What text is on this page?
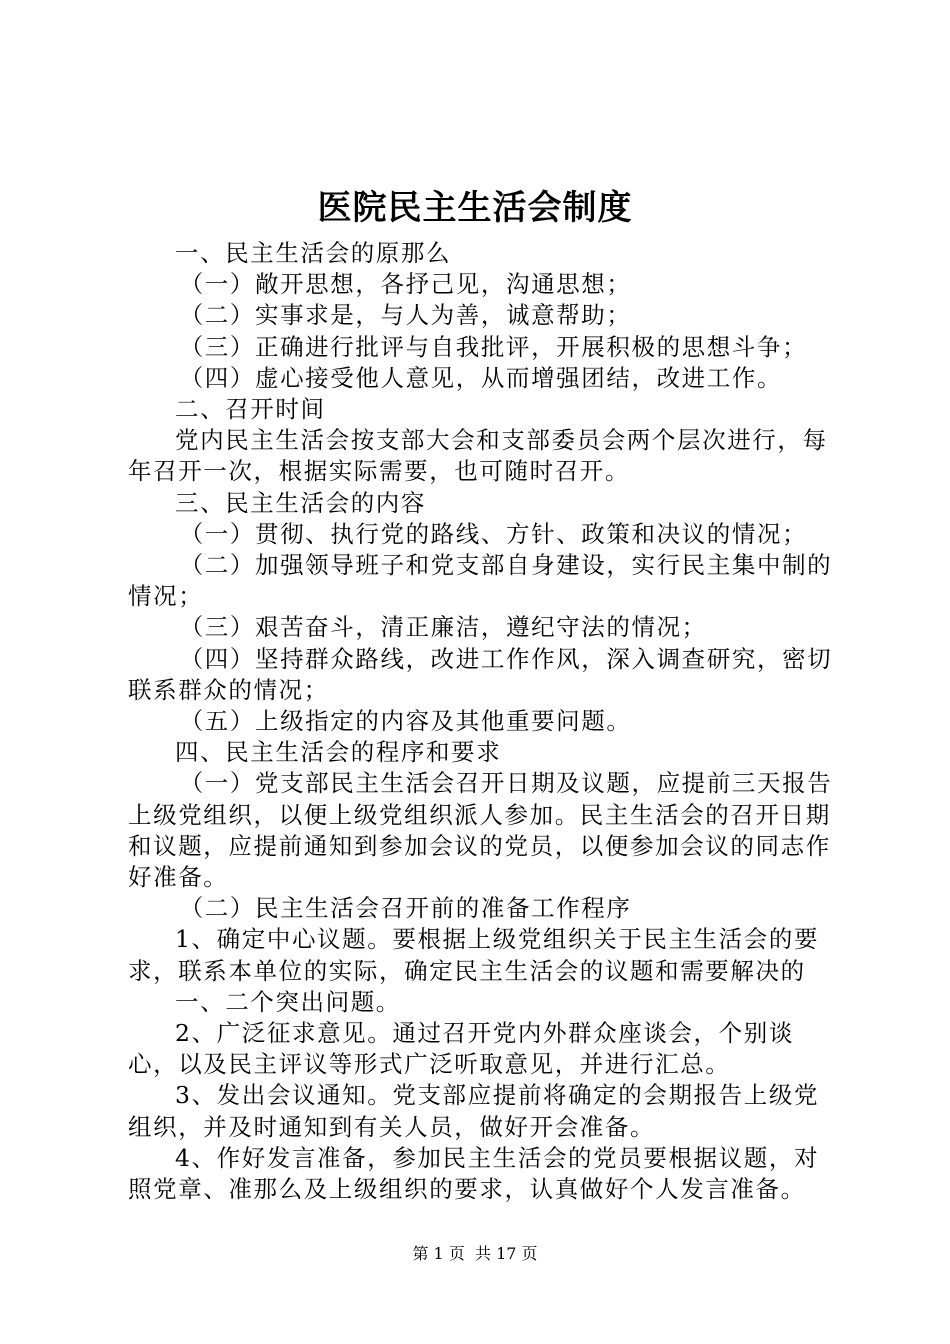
医院民主生活会制度

一、民主生活会的原那么

（一）敞开思想，各抒己见，沟通思想；

（二）实事求是，与人为善，诚意帮助；

（三）正确进行批评与自我批评，开展积极的思想斗争；

（四）虚心接受他人意见，从而增强团结，改进工作。

二、召开时间

党内民主生活会按支部大会和支部委员会两个层次进行，每年召开一次，根据实际需要，也可随时召开。

三、民主生活会的内容

（一）贯彻、执行党的路线、方针、政策和决议的情况；

（二）加强领导班子和党支部自身建设，实行民主集中制的情况；

（三）艰苦奋斗，清正廉洁，遵纪守法的情况；

（四）坚持群众路线，改进工作作风，深入调查研究，密切联系群众的情况；

（五）上级指定的内容及其他重要问题。

四、民主生活会的程序和要求

（一）党支部民主生活会召开日期及议题，应提前三天报告上级党组织，以便上级党组织派人参加。民主生活会的召开日期和议题，应提前通知到参加会议的党员，以便参加会议的同志作好准备。

（二）民主生活会召开前的准备工作程序

1、确定中心议题。要根据上级党组织关于民主生活会的要求，联系本单位的实际，确定民主生活会的议题和需要解决的

一、二个突出问题。

2、广泛征求意见。通过召开党内外群众座谈会，个别谈心，以及民主评议等形式广泛听取意见，并进行汇总。

3、发出会议通知。党支部应提前将确定的会期报告上级党组织，并及时通知到有关人员，做好开会准备。

4、作好发言准备，参加民主生活会的党员要根据议题，对照党章、准那么及上级组织的要求，认真做好个人发言准备。

第 1 页  共 17 页
